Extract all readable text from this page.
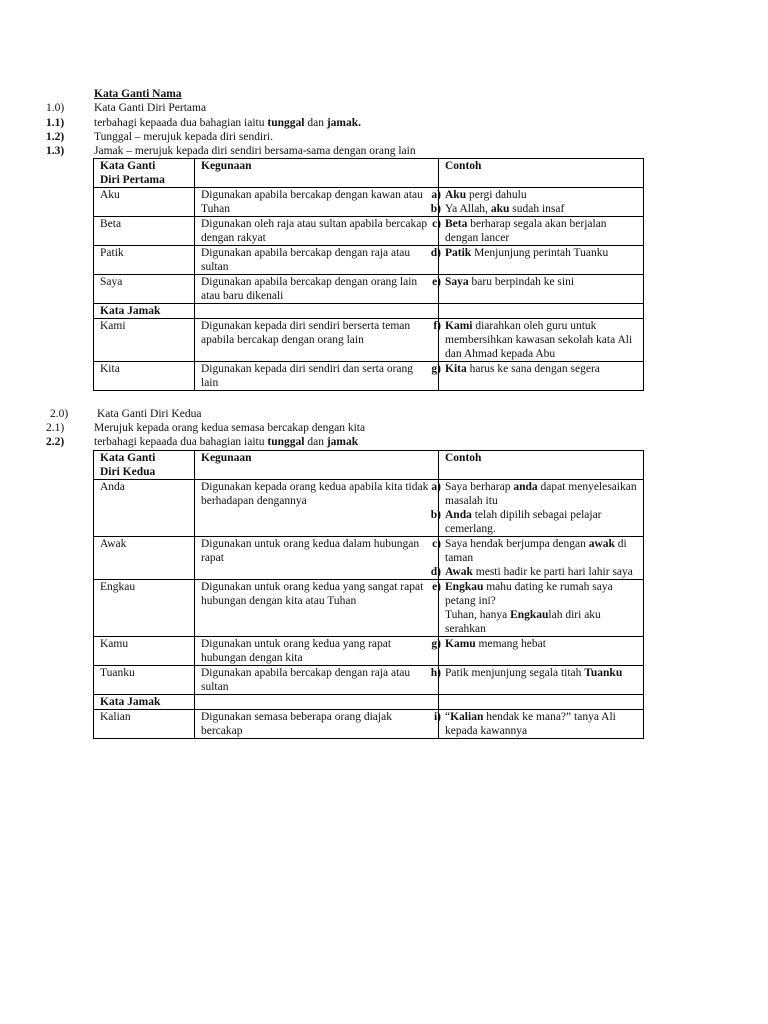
Kata Ganti Nama
1.0)	Kata Ganti Diri Pertama
1.1)	terbahagi kepaada dua bahagian iaitu tunggal dan jamak.
1.2)	Tunggal – merujuk kepada diri sendiri.
1.3)	Jamak – merujuk kepada diri sendiri bersama-sama dengan orang lain
Kata Ganti
Diri Pertama	Kegunaan	Contoh
Aku	Digunakan apabila bercakap dengan kawan atau Tuhan	a) Aku pergi dahulu
b) Ya Allah, aku sudah insaf

Beta	Digunakan oleh raja atau sultan apabila bercakap dengan rakyat	c) Beta berharap segala akan berjalan dengan lancer
Patik	Digunakan apabila bercakap dengan raja atau sultan	d) Patik Menjunjung perintah Tuanku
Saya	Digunakan apabila bercakap dengan orang lain atau baru dikenali	e) Saya baru berpindah ke sini
Kata Jamak		
Kami	Digunakan kepada diri sendiri berserta teman apabila bercakap dengan orang lain	f) Kami diarahkan oleh guru untuk membersihkan kawasan sekolah kata Ali dan Ahmad kepada Abu
Kita	Digunakan kepada diri sendiri dan serta orang lain	g) Kita harus ke sana dengan segera
2.0)	Kata Ganti Diri Kedua
2.1)	Merujuk kepada orang kedua semasa bercakap dengan kita
2.2)	terbahagi kepaada dua bahagian iaitu tunggal dan jamak
Kata Ganti
Diri Kedua	Kegunaan	Contoh
Anda	Digunakan kepada orang kedua apabila kita tidak berhadapan dengannya	a) Saya berharap anda dapat menyelesaikan masalah itu
b) Anda telah dipilih sebagai pelajar cemerlang.

Awak	Digunakan untuk orang kedua dalam hubungan rapat	c) Saya hendak berjumpa dengan awak di taman
d) Awak mesti hadir ke parti hari lahir saya

Engkau	Digunakan untuk orang kedua yang sangat rapat hubungan dengan kita atau Tuhan	e) Engkau mahu dating ke rumah saya petang ini?
Tuhan, hanya Engkaulah diri aku serahkan

Kamu	Digunakan untuk orang kedua yang rapat hubungan dengan kita	g) Kamu memang hebat
Tuanku	Digunakan apabila bercakap dengan raja atau sultan	h) Patik menjunjung segala titah Tuanku
Kata Jamak		
Kalian	Digunakan semasa beberapa orang diajak bercakap	i) “Kalian hendak ke mana?” tanya Ali kepada kawannya
